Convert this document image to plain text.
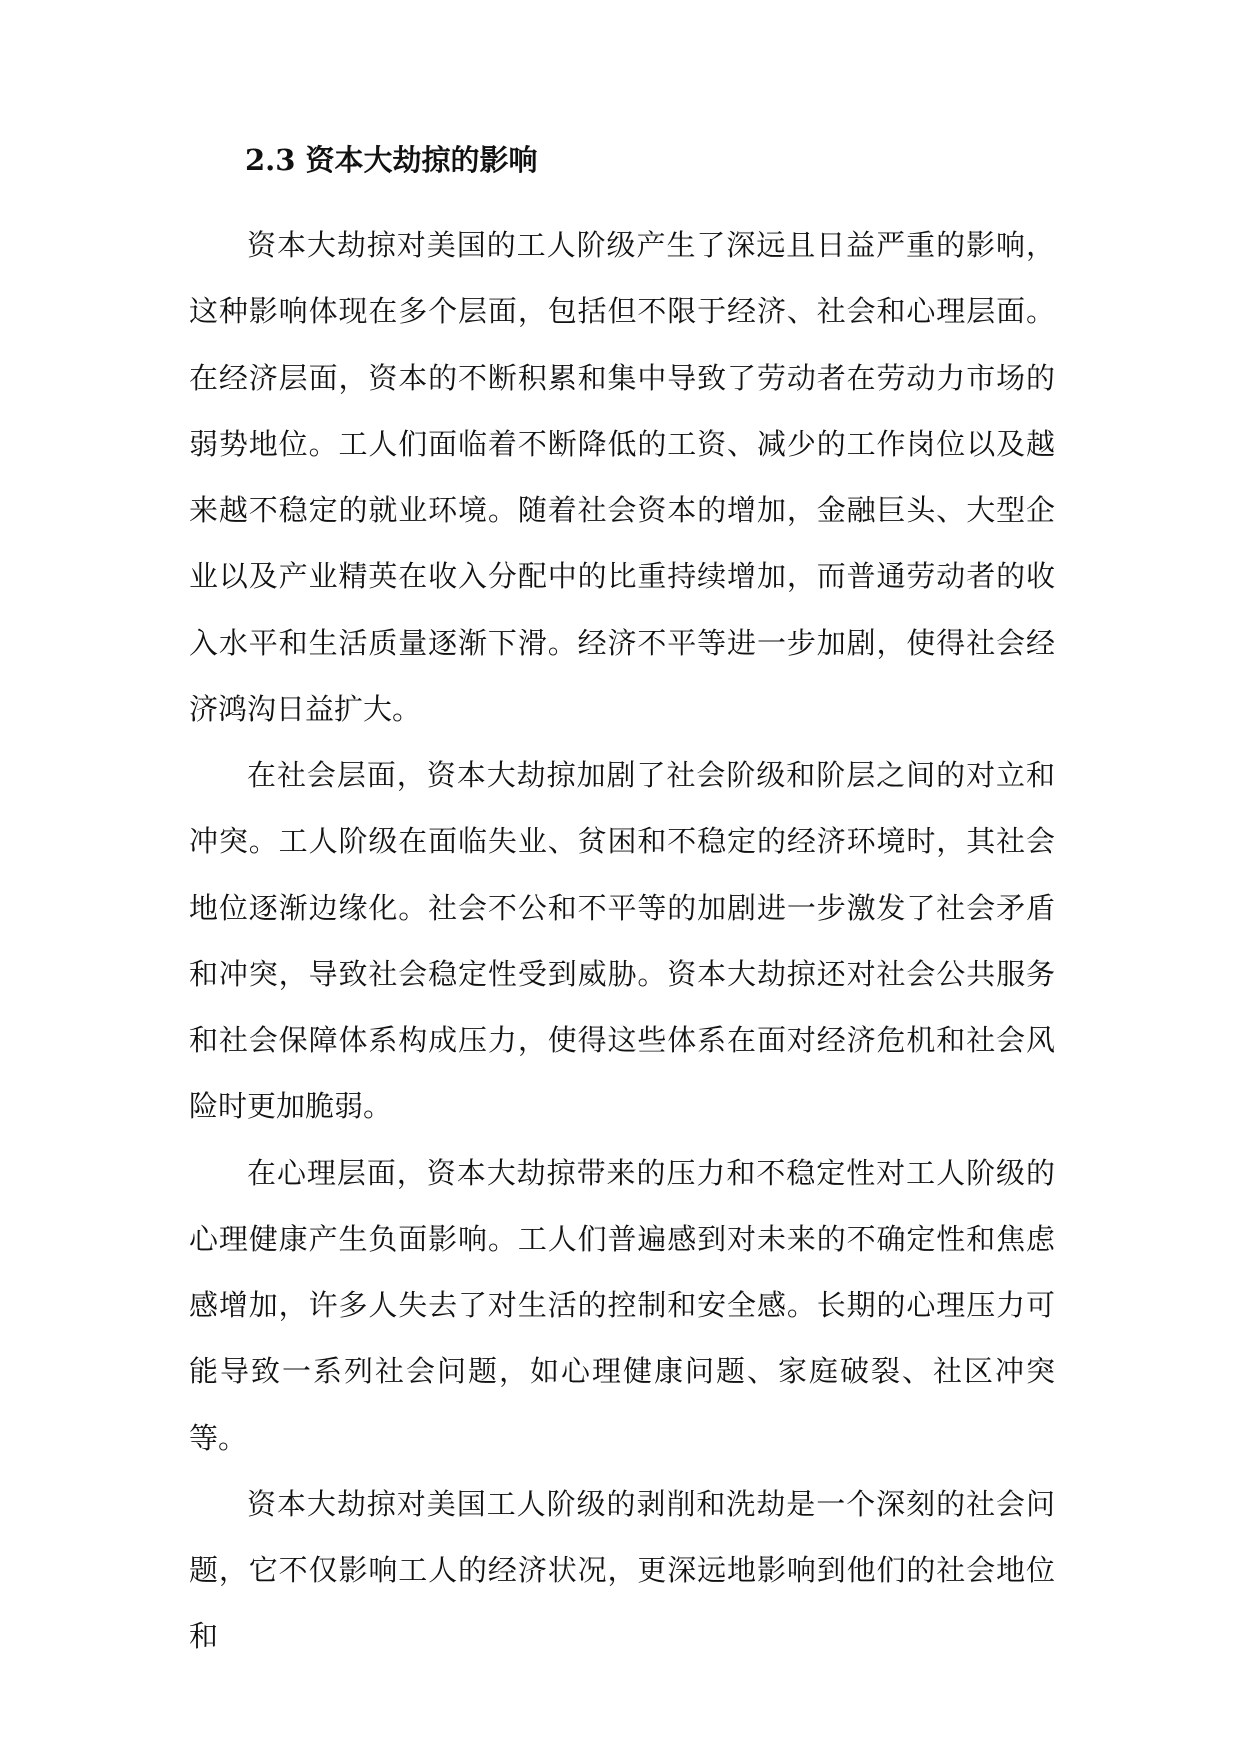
2.3 资本大劫掠的影响

资本大劫掠对美国的工人阶级产生了深远且日益严重的影响，这种影响体现在多个层面，包括但不限于经济、社会和心理层面。在经济层面，资本的不断积累和集中导致了劳动者在劳动力市场的弱势地位。工人们面临着不断降低的工资、减少的工作岗位以及越来越不稳定的就业环境。随着社会资本的增加，金融巨头、大型企业以及产业精英在收入分配中的比重持续增加，而普通劳动者的收入水平和生活质量逐渐下滑。经济不平等进一步加剧，使得社会经济鸿沟日益扩大。

在社会层面，资本大劫掠加剧了社会阶级和阶层之间的对立和冲突。工人阶级在面临失业、贫困和不稳定的经济环境时，其社会地位逐渐边缘化。社会不公和不平等的加剧进一步激发了社会矛盾和冲突，导致社会稳定性受到威胁。资本大劫掠还对社会公共服务和社会保障体系构成压力，使得这些体系在面对经济危机和社会风险时更加脆弱。

在心理层面，资本大劫掠带来的压力和不稳定性对工人阶级的心理健康产生负面影响。工人们普遍感到对未来的不确定性和焦虑感增加，许多人失去了对生活的控制和安全感。长期的心理压力可能导致一系列社会问题，如心理健康问题、家庭破裂、社区冲突等。

资本大劫掠对美国工人阶级的剥削和洗劫是一个深刻的社会问题，它不仅影响工人的经济状况，更深远地影响到他们的社会地位和
